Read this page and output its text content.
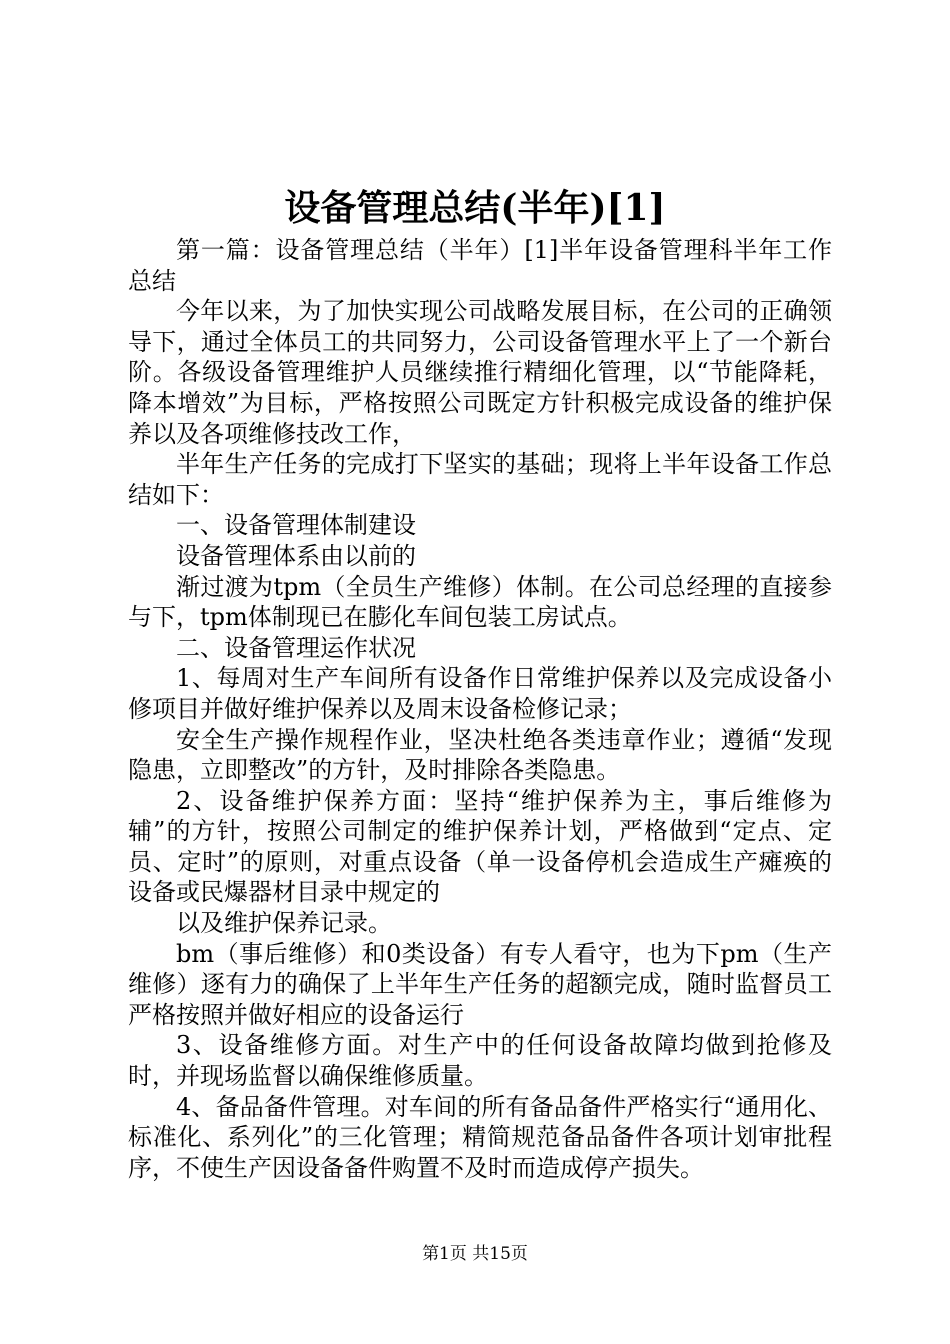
设备管理总结(半年)[1]

第一篇：设备管理总结（半年）[1]半年设备管理科半年工作总结

今年以来，为了加快实现公司战略发展目标，在公司的正确领导下，通过全体员工的共同努力，公司设备管理水平上了一个新台阶。各级设备管理维护人员继续推行精细化管理，以“节能降耗，降本增效”为目标，严格按照公司既定方针积极完成设备的维护保养以及各项维修技改工作，

半年生产任务的完成打下坚实的基础；现将上半年设备工作总结如下：

一、设备管理体制建设

设备管理体系由以前的

渐过渡为tpm（全员生产维修）体制。在公司总经理的直接参与下，tpm体制现已在膨化车间包装工房试点。

二、设备管理运作状况

1、每周对生产车间所有设备作日常维护保养以及完成设备小修项目并做好维护保养以及周末设备检修记录；

安全生产操作规程作业，坚决杜绝各类违章作业；遵循“发现隐患，立即整改”的方针，及时排除各类隐患。

2、设备维护保养方面：坚持“维护保养为主，事后维修为辅”的方针，按照公司制定的维护保养计划，严格做到“定点、定员、定时”的原则，对重点设备（单一设备停机会造成生产瘫痪的设备或民爆器材目录中规定的

以及维护保养记录。

bm（事后维修）和0类设备）有专人看守，也为下pm（生产维修）逐有力的确保了上半年生产任务的超额完成，随时监督员工严格按照并做好相应的设备运行

3、设备维修方面。对生产中的任何设备故障均做到抢修及时，并现场监督以确保维修质量。

4、备品备件管理。对车间的所有备品备件严格实行“通用化、标准化、系列化”的三化管理；精简规范备品备件各项计划审批程序，不使生产因设备备件购置不及时而造成停产损失。

第1页 共15页
